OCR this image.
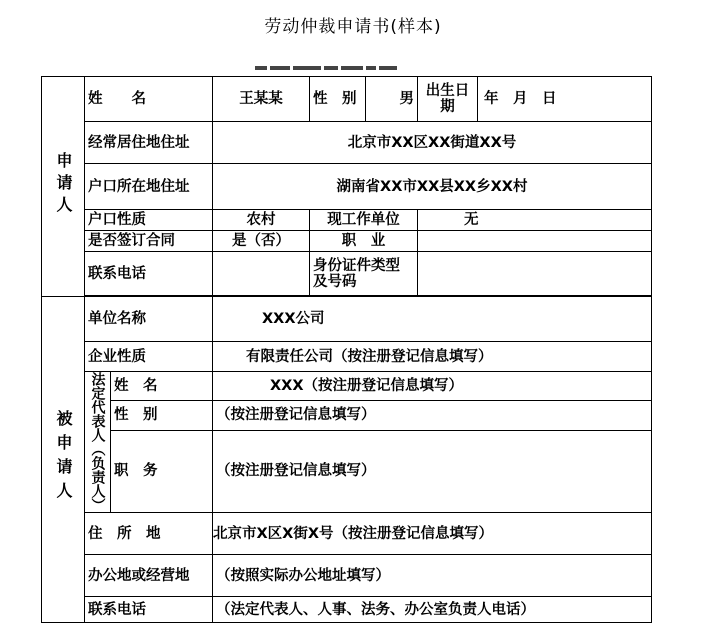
劳动仲裁申请书(样本)
申请人	姓　　名		王某某	性　别	男	出生日期	年　月　日
	经常居住地住址		北京市XX区XX街道XX号				
	户口所在地住址		湖南省XX市XX县XX乡XX村				
	户口性质		农村	现工作单位		无	
	是否签订合同		是（否）	职　业			
	联系电话			身份证件类型及号码			

被申请人	单位名称		XXX公司				
	企业性质		有限责任公司（按注册登记信息填写）				
	法定代表人（负责人）	姓　名	XXX（按注册登记信息填写）				
		性　别	（按注册登记信息填写）				
		职　务	（按注册登记信息填写）				
	住　所　地		北京市X区X街X号（按注册登记信息填写）				
	办公地或经营地		（按照实际办公地址填写）				
	联系电话		（法定代表人、人事、法务、办公室负责人电话）				
